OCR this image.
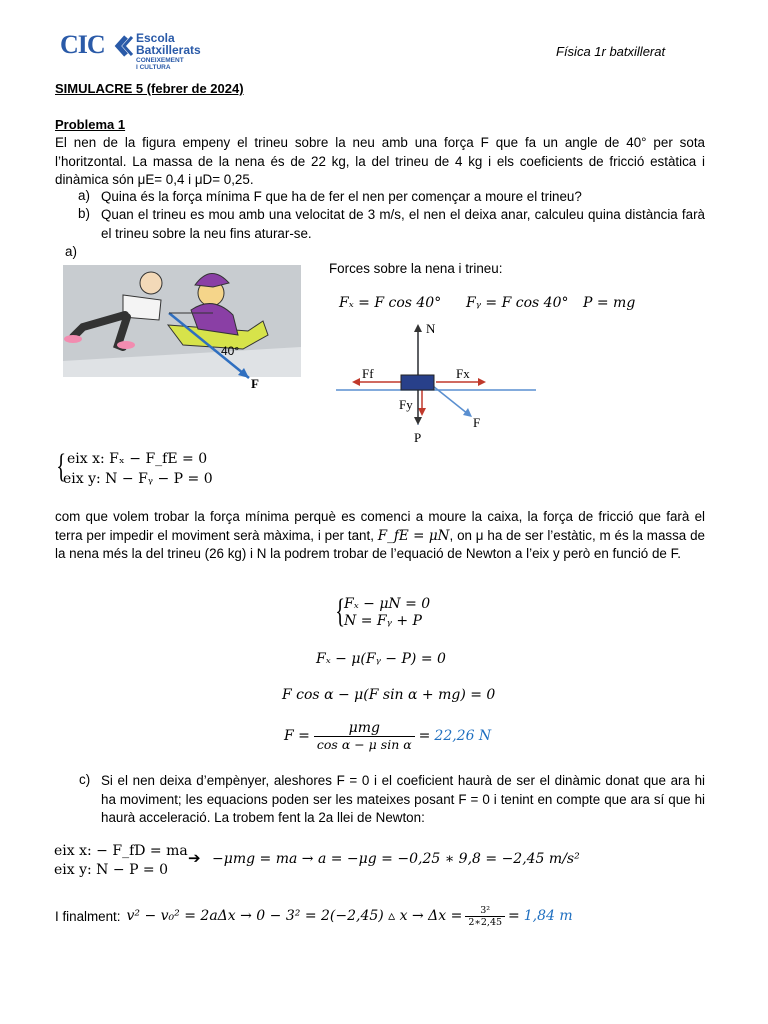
CIC	Escola
Batxillerats
CONEIXEMENT
I CULTURA
Física 1r batxillerat
SIMULACRE 5 (febrer de 2024)
Problema 1
El nen de la figura empeny el trineu sobre la neu amb una força F que fa un angle de 40° per sota l’horitzontal. La massa de la nena és de 22 kg, la del trineu de 4 kg i els coeficients de fricció estàtica i dinàmica són μE= 0,4 i μD= 0,25.
a) Quina és la força mínima F que ha de fer el nen per començar a moure el trineu?
b) Quan el trineu es mou amb una velocitat de 3 m/s, el nen el deixa anar, calculeu quina distància farà el trineu sobre la neu fins aturar-se.
a)
40°
F
Forces sobre la nena i trineu:
Fₓ = F cos 40° Fᵧ = F cos 40° P = mg
N
Ff	Fx
Fy
F
P
{ eix x: Fₓ − F_fE = 0
eix y: N − Fᵧ − P = 0
com que volem trobar la força mínima perquè es comenci a moure la caixa, la força de fricció que farà el terra per impedir el moviment serà màxima, i per tant, F_fE = μN, on μ ha de ser l’estàtic, m és la massa de la nena més la del trineu (26 kg) i N la podrem trobar de l’equació de Newton a l’eix y però en funció de F.
{
Fₓ − μN = 0
N = Fᵧ + P
Fₓ − μ(Fᵧ − P) = 0
F cos α − μ(F sin α + mg) = 0
$F = \frac{\text{μmg}}{\text{cos α − μ sin α}} = 22,26$ N
c) Si el nen deixa d’empènyer, aleshores F = 0 i el coeficient haurà de ser el dinàmic donat que ara hi ha moviment; les equacions poden ser les mateixes posant F = 0 i tenint en compte que ara sí que hi haurà acceleració. La trobem fent la 2a llei de Newton:
eix x: − F_fD = ma
eix y: N − P = 0
➔ −μmg = ma → a = −μg = −0,25 ∗ 9,8 = −2,45 m/s²
I finalment: v² − v₀² = 2aΔx → 0 − 3² = 2(−2,45) ▵ $x \to \Delta x = \frac{\text{3²}}{2∗2,45} = 1,84$ m
